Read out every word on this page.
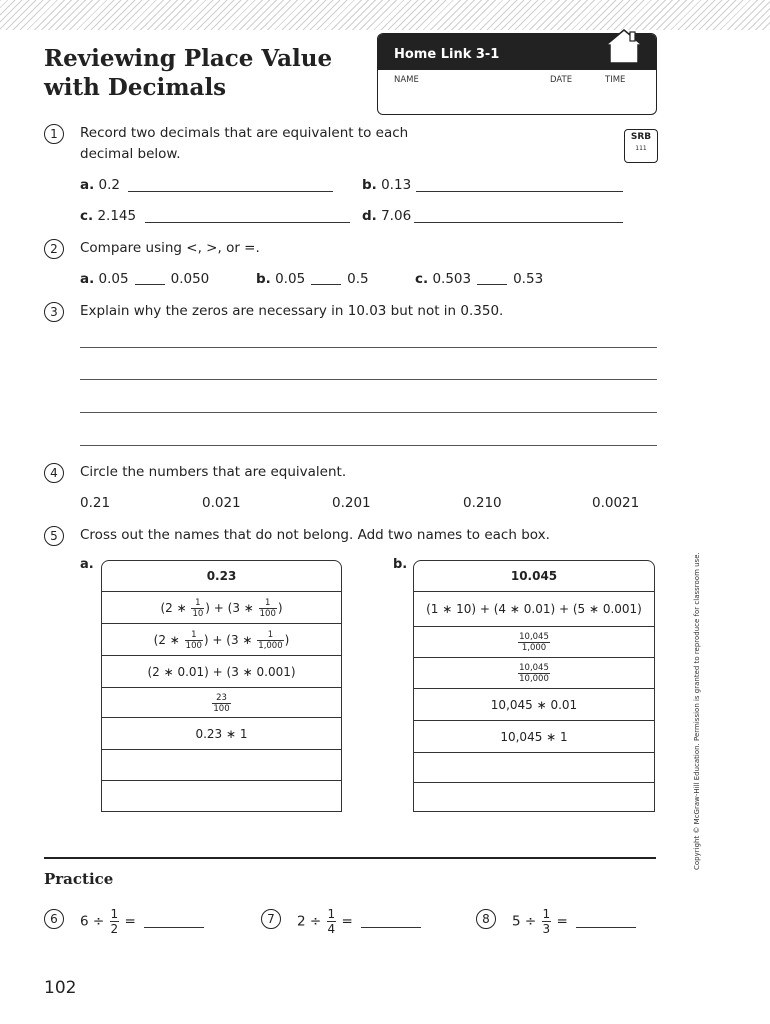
Reviewing Place Value
with Decimals
Home Link 3-1
NAME	DATE	TIME
SRB
111
1	Record two decimals that are equivalent to each
decimal below.
a. 0.2	b. 0.13
c. 2.145	d. 7.06
2	Compare using <, >, or =.
a. 0.05	0.050	b. 0.05	0.5	c. 0.503	0.53
3	Explain why the zeros are necessary in 10.03 but not in 0.350.
4	Circle the numbers that are equivalent.
0.21	0.021	0.201	0.210	0.0021
5	Cross out the names that do not belong. Add two names to each box.
a.
0.23
(2 ∗ $\frac{1}{10}$ ) + (3 ∗ $\frac{1}{100}$ )
(2 ∗ $\frac{1}{100}$ ) + (3 ∗ $\frac{1}{1,000}$ )
(2 ∗ 0.01) + (3 ∗ 0.001)
$\frac{23}{100}$
0.23 ∗ 1
b.
10.045
(1 ∗ 10) + (4 ∗ 0.01) + (5 ∗ 0.001)
$\frac{10,045}{1,000}$
$\frac{10,045}{10,000}$
10,045 ∗ 0.01
10,045 ∗ 1	Copyright © McGraw-Hill Education. Permission is granted to reproduce for classroom use.
Practice
6	$6 \div \frac{1}{2}$ =	7	$2 \div \frac{1}{4}$ =	8	$5 \div \frac{1}{3}$ =
102
